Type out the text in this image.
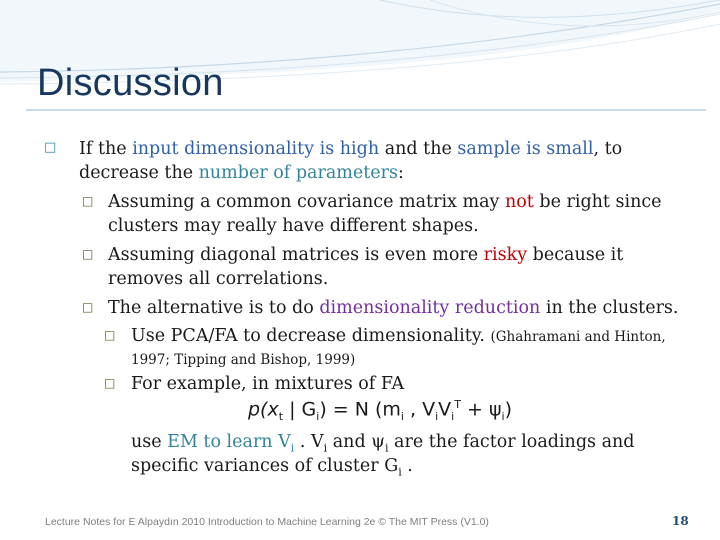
Discussion
□ If the input dimensionality is high and the sample is small, to
decrease the number of parameters:
□ Assuming a common covariance matrix may not be right since
clusters may really have different shapes.
□ Assuming diagonal matrices is even more risky because it
removes all correlations.
□ The alternative is to do dimensionality reduction in the clusters.
□ Use PCA/FA to decrease dimensionality. (Ghahramani and Hinton,
1997; Tipping and Bishop, 1999)
□ For example, in mixtures of FA
$p(x_t$ | $G_i) = N$ ($m_i$ , $V_iV_i^T + \psi_i$)
use EM to learn $V_i$ . $V_i$ and $\psi_i$ are the factor loadings and
specific variances of cluster $G_i$ .
Lecture Notes for E Alpaydın 2010 Introduction to Machine Learning 2e © The MIT Press (V1.0)	18
